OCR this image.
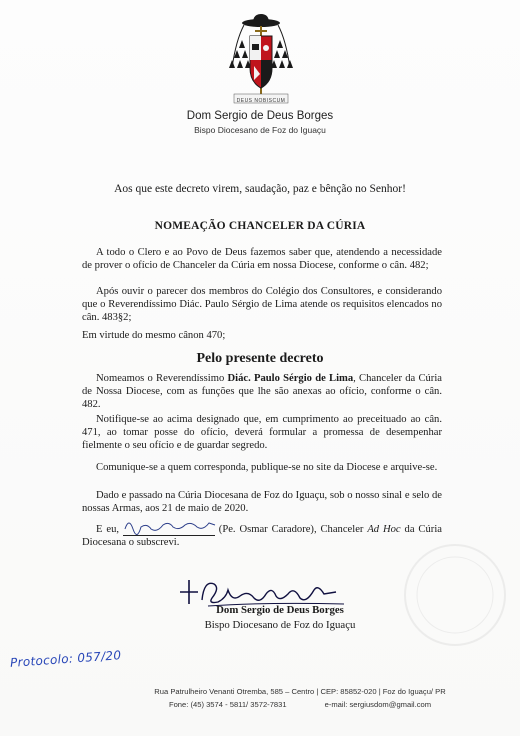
DEUS NOBISCUM
Dom Sergio de Deus Borges
Bispo Diocesano de Foz do Iguaçu
Aos que este decreto virem, saudação, paz e bênção no Senhor!
NOMEAÇÃO CHANCELER DA CÚRIA

A todo o Clero e ao Povo de Deus fazemos saber que, atendendo a necessidade de prover o ofício de Chanceler da Cúria em nossa Diocese, conforme o cân. 482;

Após ouvir o parecer dos membros do Colégio dos Consultores, e considerando que o Reverendíssimo Diác. Paulo Sérgio de Lima atende os requisitos elencados no cân. 483§2;

Em virtude do mesmo cânon 470;

Pelo presente decreto

Nomeamos o Reverendíssimo Diác. Paulo Sérgio de Lima, Chanceler da Cúria de Nossa Diocese, com as funções que lhe são anexas ao ofício, conforme o cân. 482.

Notifique-se ao acima designado que, em cumprimento ao preceituado ao cân. 471, ao tomar posse do ofício, deverá formular a promessa de desempenhar fielmente o seu ofício e de guardar segredo.

Comunique-se a quem corresponda, publique-se no site da Diocese e arquive-se.

Dado e passado na Cúria Diocesana de Foz do Iguaçu, sob o nosso sinal e selo de nossas Armas, aos 21 de maio de 2020.

E eu,	(Pe. Osmar Caradore), Chanceler Ad Hoc da Cúria Diocesana o subscrevi.

Dom Sergio de Deus Borges
Bispo Diocesano de Foz do Iguaçu
Protocolo: 057/20
Rua Patrulheiro Venanti Otremba, 585 – Centro | CEP: 85852-020 | Foz do Iguaçu/ PR
Fone: (45) 3574 - 5811/ 3572-7831	e-mail: sergiusdom@gmail.com
